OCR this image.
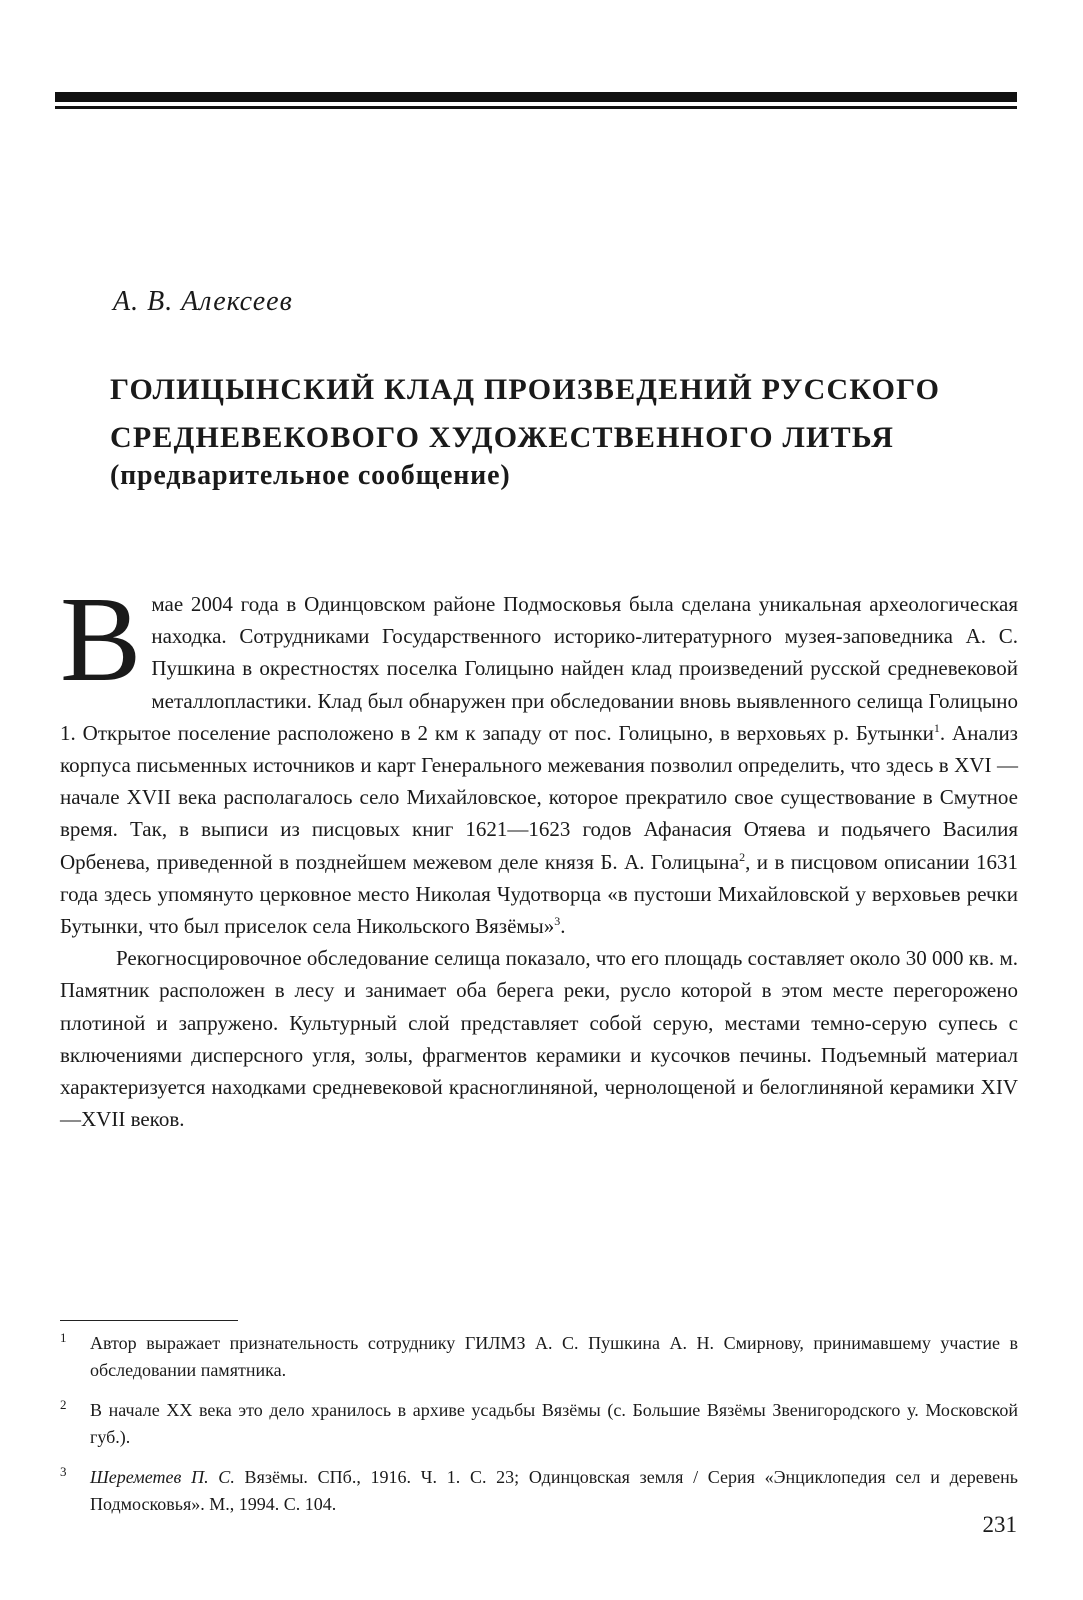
А. В. Алексеев
ГОЛИЦЫНСКИЙ КЛАД ПРОИЗВЕДЕНИЙ РУССКОГО
СРЕДНЕВЕКОВОГО ХУДОЖЕСТВЕННОГО ЛИТЬЯ
(предварительное сообщение)

Вмае 2004 года в Одинцовском районе Подмосковья была сделана уникальная археологическая находка. Сотрудниками Государственного историко-литературного музея-заповедника А. С. Пушкина в окрестностях поселка Голицыно найден клад произведений русской средневековой металлопластики. Клад был обнаружен при обследовании вновь выявленного селища Голицыно 1. Открытое поселение расположено в 2 км к западу от пос. Голицыно, в верховьях р. Бутынки$^1$. Анализ корпуса письменных источников и карт Генерального межевания позволил определить, что здесь в XVI — начале XVII века располагалось село Михайловское, которое прекратило свое существование в Смутное время. Так, в выписи из писцовых книг 1621—1623 годов Афанасия Отяева и подьячего Василия Орбенева, приведенной в позднейшем межевом деле князя Б. А. Голицына$^2$, и в писцовом описании 1631 года здесь упомянуто церковное место Николая Чудотворца «в пустоши Михайловской у верховьев речки Бутынки, что был приселок села Никольского Вязёмы»$^3$.

Рекогносцировочное обследование селища показало, что его площадь составляет около 30 000 кв. м. Памятник расположен в лесу и занимает оба берега реки, русло которой в этом месте перегорожено плотиной и запружено. Культурный слой представляет собой серую, местами темно-серую супесь с включениями дисперсного угля, золы, фрагментов керамики и кусочков печины. Подъемный материал характеризуется находками средневековой красноглиняной, чернолощеной и белоглиняной керамики XIV—XVII веков.

1 Автор выражает признательность сотруднику ГИЛМЗ А. С. Пушкина А. Н. Смирнову, принимавшему участие в обследовании памятника.
2 В начале XX века это дело хранилось в архиве усадьбы Вязёмы (с. Большие Вязёмы Звенигородского у. Московской губ.).
3 Шереметев П. С. Вязёмы. СПб., 1916. Ч. 1. С. 23; Одинцовская земля / Серия «Энциклопедия сел и деревень Подмосковья». М., 1994. С. 104.
231
